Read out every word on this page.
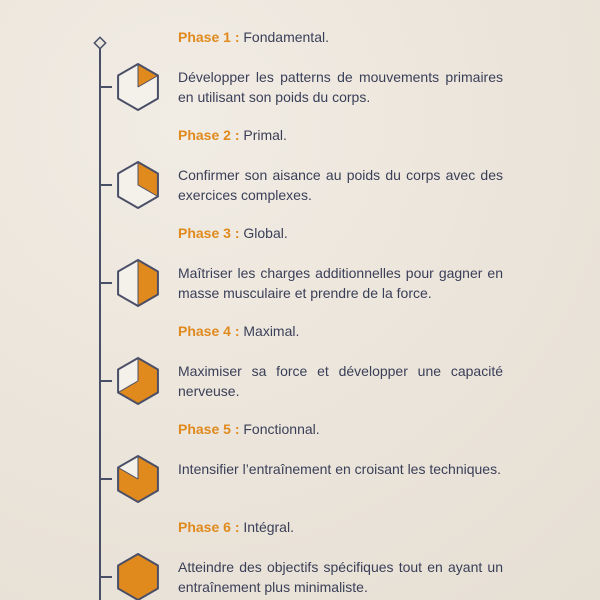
Phase 1 : Fondamental.
Développer les patterns de mouvements primaires en utilisant son poids du corps.
Phase 2 : Primal.
Confirmer son aisance au poids du corps avec des exercices complexes.
Phase 3 : Global.
Maîtriser les charges additionnelles pour gagner en masse musculaire et prendre de la force.
Phase 4 : Maximal.
Maximiser sa force et développer une capacité nerveuse.
Phase 5 : Fonctionnal.
Intensifier l’entraînement en croisant les techniques.
Phase 6 : Intégral.
Atteindre des objectifs spécifiques tout en ayant un entraînement plus minimaliste.
